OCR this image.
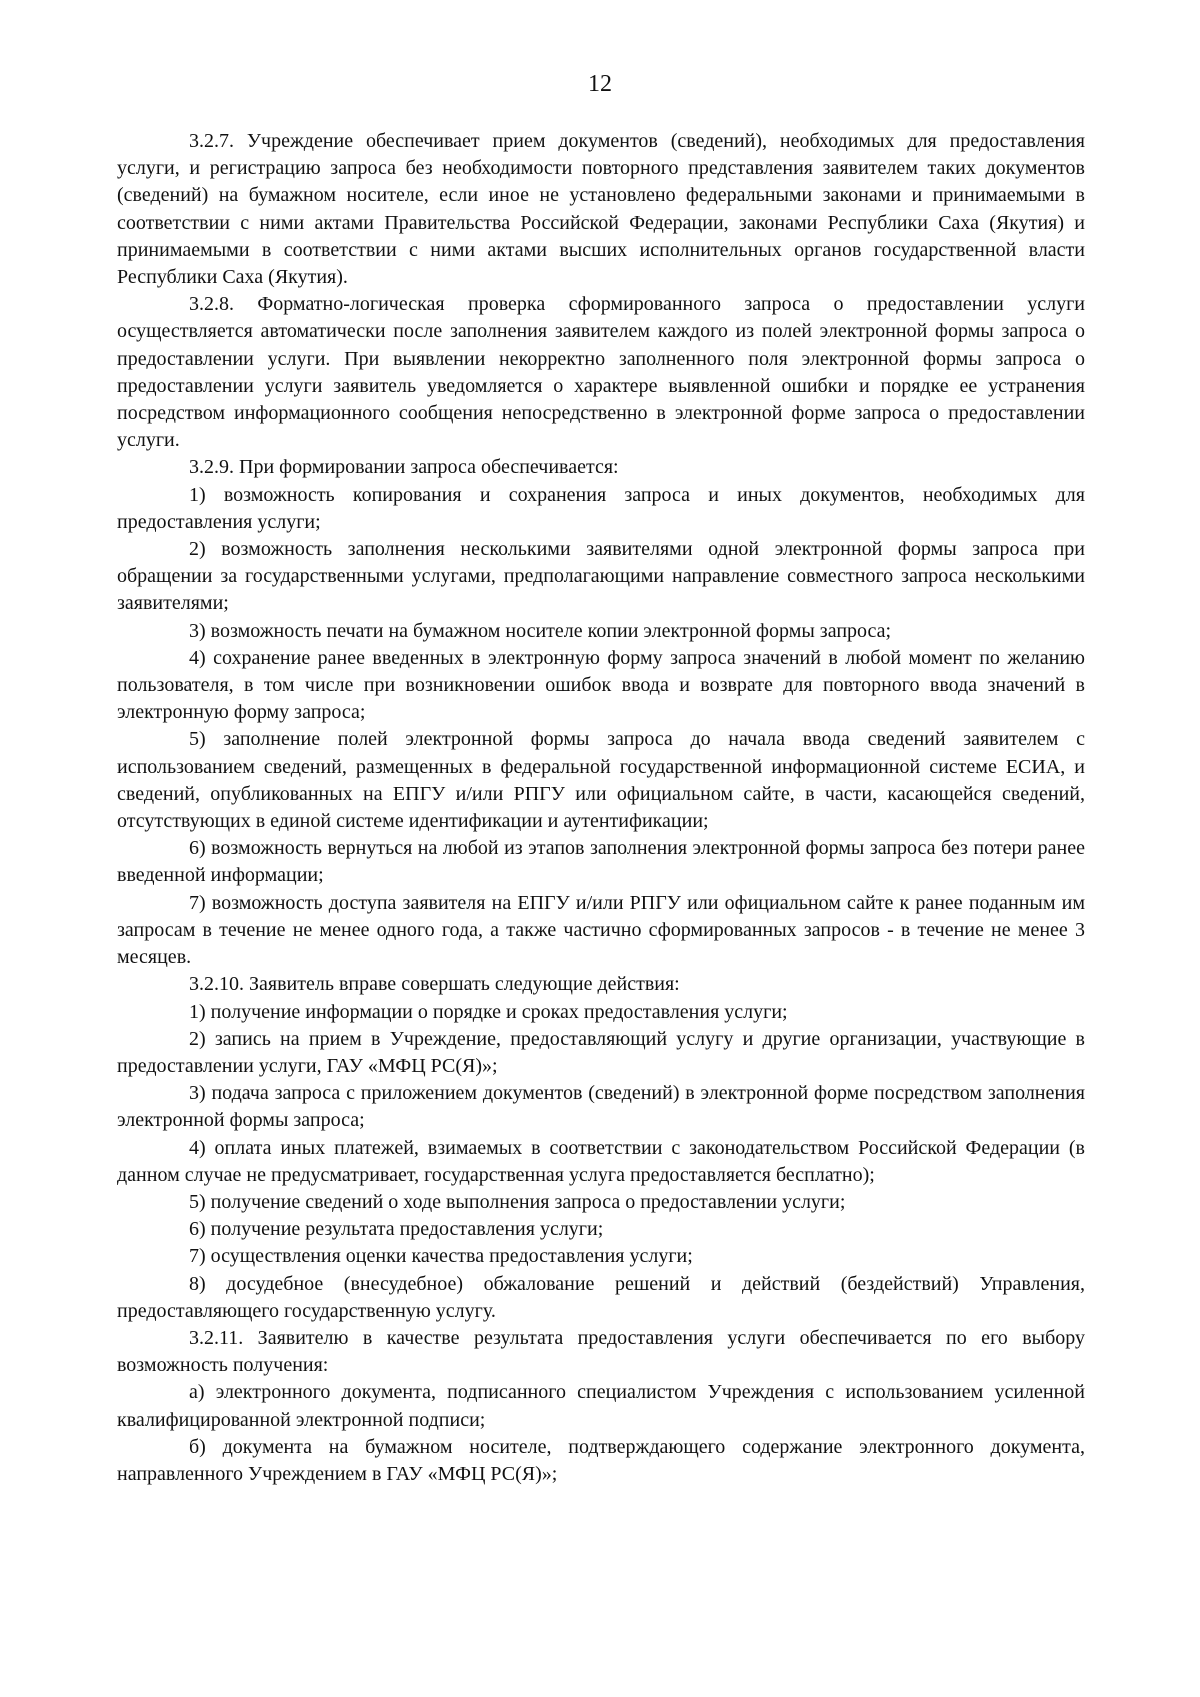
12

3.2.7. Учреждение обеспечивает прием документов (сведений), необходимых для предоставления услуги, и регистрацию запроса без необходимости повторного представления заявителем таких документов (сведений) на бумажном носителе, если иное не установлено федеральными законами и принимаемыми в соответствии с ними актами Правительства Российской Федерации, законами Республики Саха (Якутия) и принимаемыми в соответствии с ними актами высших исполнительных органов государственной власти Республики Саха (Якутия).

3.2.8. Форматно-логическая проверка сформированного запроса о предоставлении услуги осуществляется автоматически после заполнения заявителем каждого из полей электронной формы запроса о предоставлении услуги. При выявлении некорректно заполненного поля электронной формы запроса о предоставлении услуги заявитель уведомляется о характере выявленной ошибки и порядке ее устранения посредством информационного сообщения непосредственно в электронной форме запроса о предоставлении услуги.

3.2.9. При формировании запроса обеспечивается:

1) возможность копирования и сохранения запроса и иных документов, необходимых для предоставления услуги;

2) возможность заполнения несколькими заявителями одной электронной формы запроса при обращении за государственными услугами, предполагающими направление совместного запроса несколькими заявителями;

3) возможность печати на бумажном носителе копии электронной формы запроса;

4) сохранение ранее введенных в электронную форму запроса значений в любой момент по желанию пользователя, в том числе при возникновении ошибок ввода и возврате для повторного ввода значений в электронную форму запроса;

5) заполнение полей электронной формы запроса до начала ввода сведений заявителем с использованием сведений, размещенных в федеральной государственной информационной системе ЕСИА, и сведений, опубликованных на ЕПГУ и/или РПГУ или официальном сайте, в части, касающейся сведений, отсутствующих в единой системе идентификации и аутентификации;

6) возможность вернуться на любой из этапов заполнения электронной формы запроса без потери ранее введенной информации;

7) возможность доступа заявителя на ЕПГУ и/или РПГУ или официальном сайте к ранее поданным им запросам в течение не менее одного года, а также частично сформированных запросов - в течение не менее 3 месяцев.

3.2.10. Заявитель вправе совершать следующие действия:

1) получение информации о порядке и сроках предоставления услуги;

2) запись на прием в Учреждение, предоставляющий услугу и другие организации, участвующие в предоставлении услуги, ГАУ «МФЦ РС(Я)»;

3) подача запроса с приложением документов (сведений) в электронной форме посредством заполнения электронной формы запроса;

4) оплата иных платежей, взимаемых в соответствии с законодательством Российской Федерации (в данном случае не предусматривает, государственная услуга предоставляется бесплатно);

5) получение сведений о ходе выполнения запроса о предоставлении услуги;

6) получение результата предоставления услуги;

7) осуществления оценки качества предоставления услуги;

8) досудебное (внесудебное) обжалование решений и действий (бездействий) Управления, предоставляющего государственную услугу.

3.2.11. Заявителю в качестве результата предоставления услуги обеспечивается по его выбору возможность получения:

а) электронного документа, подписанного специалистом Учреждения с использованием усиленной квалифицированной электронной подписи;

б) документа на бумажном носителе, подтверждающего содержание электронного документа, направленного Учреждением в ГАУ «МФЦ РС(Я)»;
